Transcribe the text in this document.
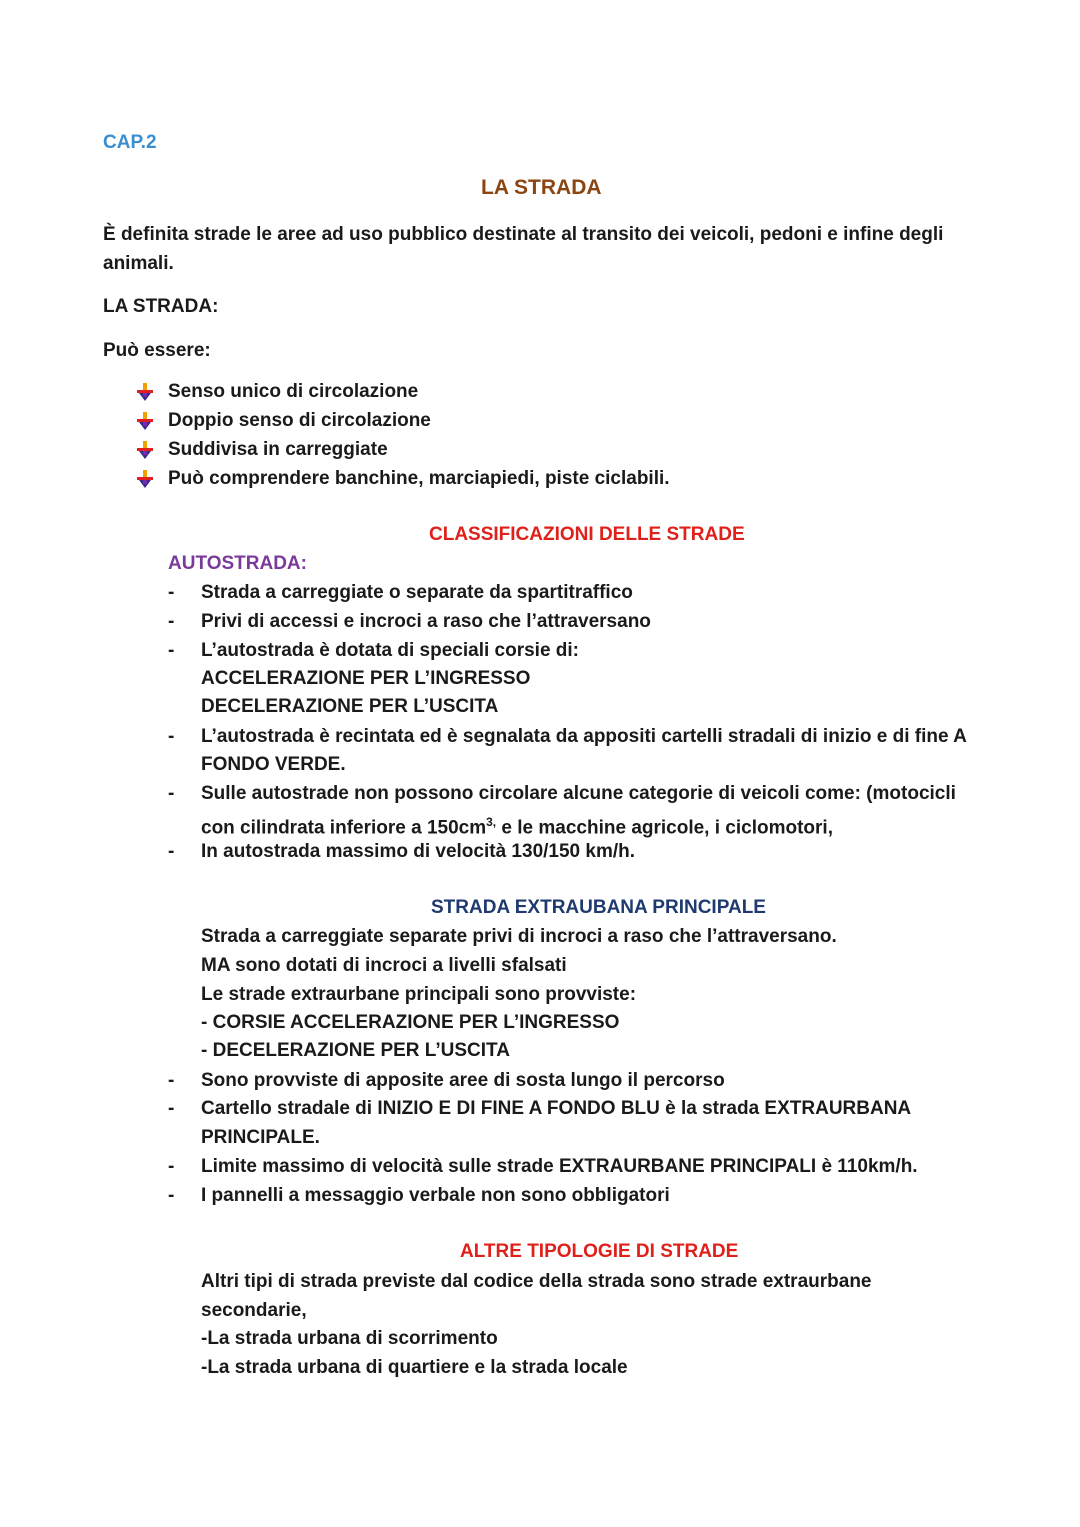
CAP.2
LA STRADA
È definita strade le aree ad uso pubblico destinate al transito dei veicoli, pedoni e infine degli
animali.
LA STRADA:
Può essere:
Senso unico di circolazione
Doppio senso di circolazione
Suddivisa in carreggiate
Può comprendere banchine, marciapiedi, piste ciclabili.
CLASSIFICAZIONI DELLE STRADE
AUTOSTRADA:
- Strada a carreggiate o separate da spartitraffico
- Privi di accessi e incroci a raso che l’attraversano
- L’autostrada è dotata di speciali corsie di:
ACCELERAZIONE PER L’INGRESSO
DECELERAZIONE PER L’USCITA
- L’autostrada è recintata ed è segnalata da appositi cartelli stradali di inizio e di fine A
FONDO VERDE.
- Sulle autostrade non possono circolare alcune categorie di veicoli come: (motocicli
con cilindrata inferiore a $150cm^{3,}$ e le macchine agricole, i ciclomotori,
- In autostrada massimo di velocità 130/150 km/h.
STRADA EXTRAUBANA PRINCIPALE
Strada a carreggiate separate privi di incroci a raso che l’attraversano.
MA sono dotati di incroci a livelli sfalsati
Le strade extraurbane principali sono provviste:
- CORSIE ACCELERAZIONE PER L’INGRESSO
- DECELERAZIONE PER L’USCITA
- Sono provviste di apposite aree di sosta lungo il percorso
- Cartello stradale di INIZIO E DI FINE A FONDO BLU è la strada EXTRAURBANA
PRINCIPALE.
- Limite massimo di velocità sulle strade EXTRAURBANE PRINCIPALI è 110km/h.
- I pannelli a messaggio verbale non sono obbligatori
ALTRE TIPOLOGIE DI STRADE
Altri tipi di strada previste dal codice della strada sono strade extraurbane
secondarie,
-La strada urbana di scorrimento
-La strada urbana di quartiere e la strada locale
